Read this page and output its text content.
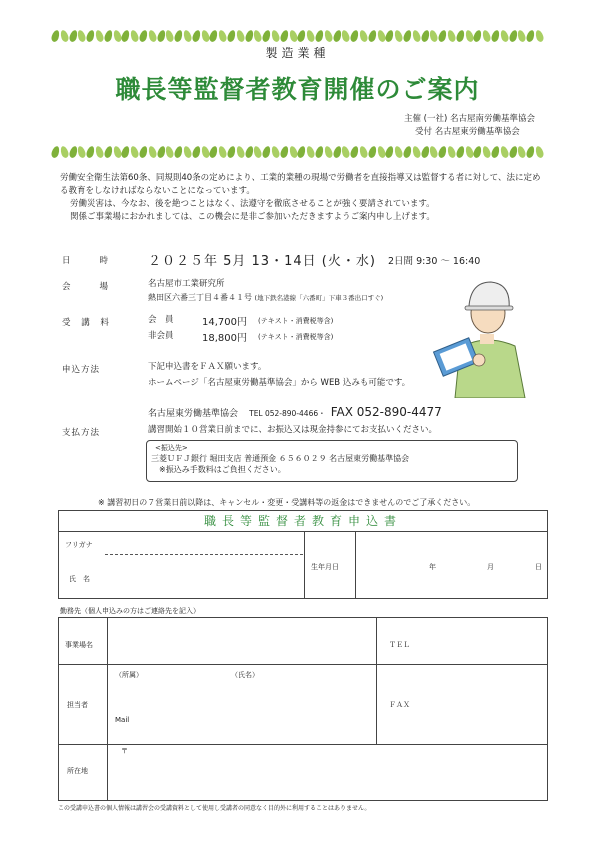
製造業種
職長等監督者教育開催のご案内
主催 (一社) 名古屋南労働基準協会
受付 名古屋東労働基準協会
労働安全衛生法第60条、同規則40条の定めにより、工業的業種の現場で労働者を直接指導又は監督する者に対して、法に定める教育をしなければならないことになっています。
労働災害は、今なお、後を絶つことはなく、法遵守を徹底させることが強く要請されています。
関係ご事業場におかれましては、この機会に是非ご参加いただきますようご案内申し上げます。
日　　時	２０２５年 5月 13・14日 (火・水) 2日間 9:30 〜 16:40
会　　場	名古屋市工業研究所
熱田区六番三丁目４番４１号 (地下鉄名港線「六番町」下車３番出口すぐ)
受 講 料	会　員	14,700円 (テキスト・消費税等含)
非会員	18,800円 (テキスト・消費税等含)
申込方法	下記申込書をＦＡＸ願います。
ホームページ「名古屋東労働基準協会」から WEB 込みも可能です。
名古屋東労働基準協会 TEL 052-890-4466・ FAX 052-890-4477
支払方法	講習開始１０営業日前までに、お振込又は現金持参にてお支払いください。
<振込先>
三菱ＵＦＪ銀行 堀田支店 普通預金 ６５６０２９ 名古屋東労働基準協会
※振込み手数料はご負担ください。
※ 講習初日の７営業日前以降は、キャンセル・変更・受講料等の返金はできませんのでご了承ください。
職長等監督者教育申込書
フリガナ
氏　名
生年月日	年	月	日
勤務先（個人申込みの方はご連絡先を記入）
事業場名	ＴＥＬ
担当者
（所属）	（氏名）
Mail
ＦＡＸ
所在地
〒
この受講申込書の個人情報は講習会の受講資料として使用し受講者の同意なく目的外に利用することはありません。
